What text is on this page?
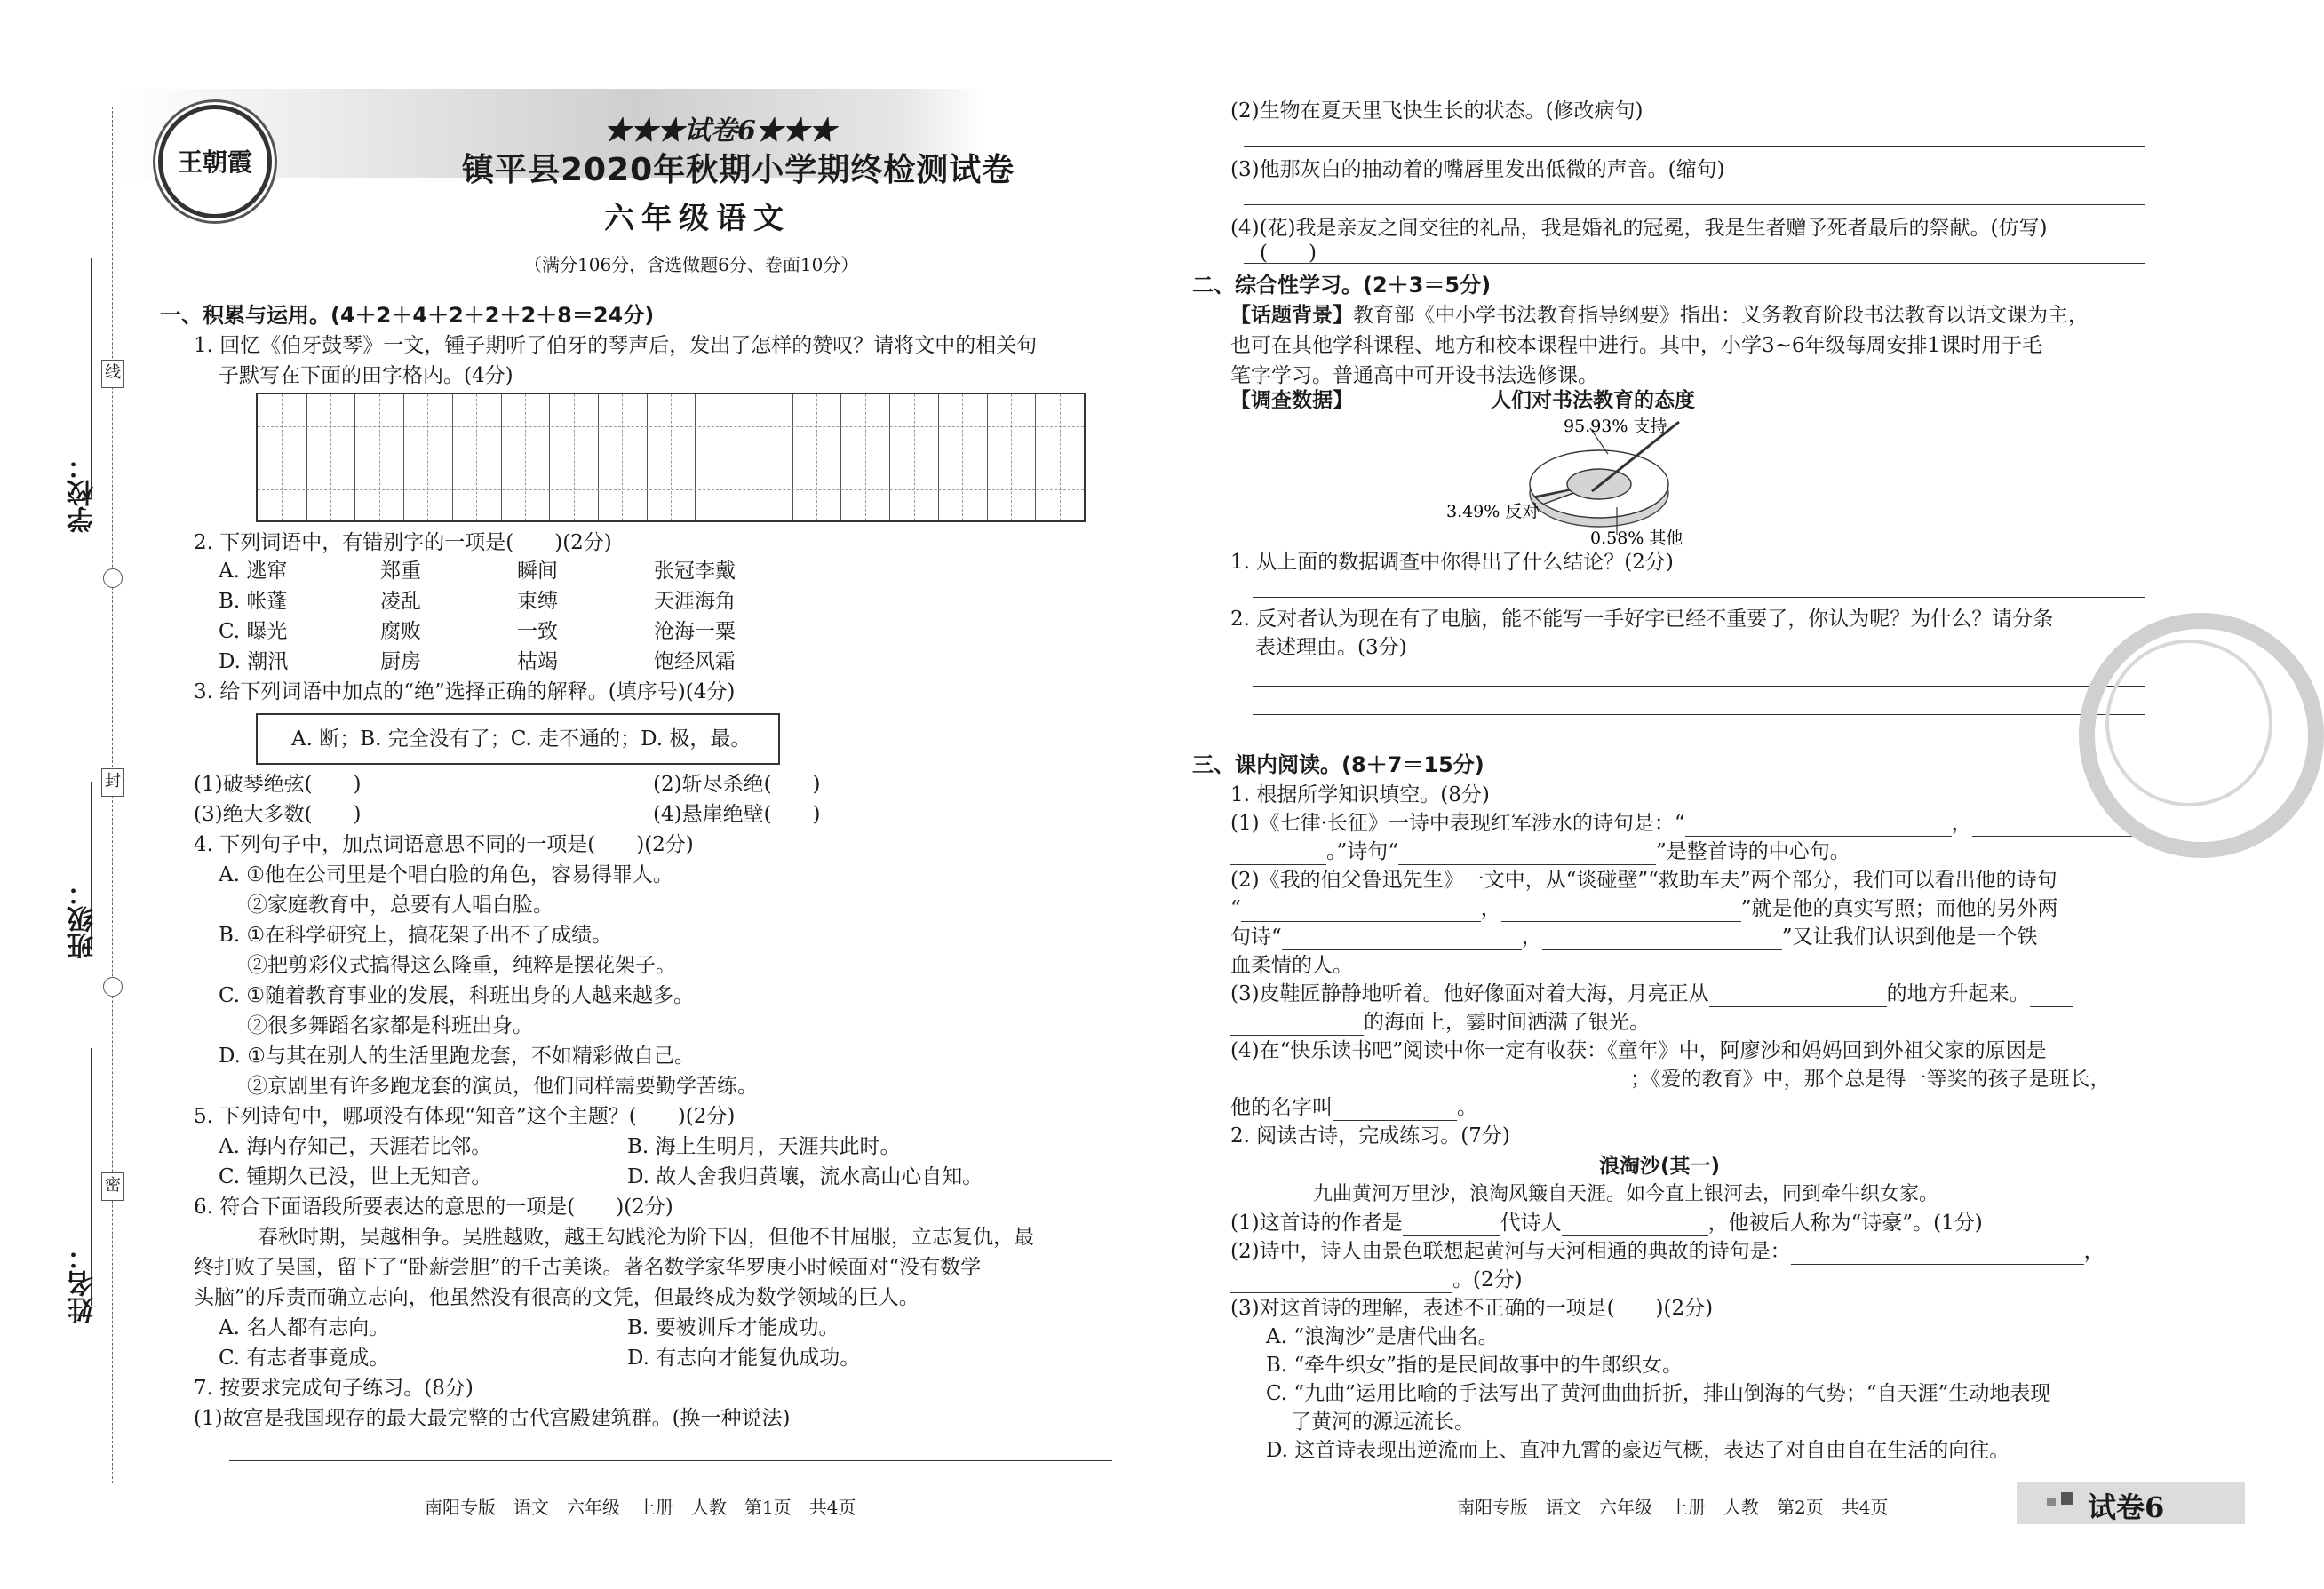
学校：
班级：
姓名：
线
封
密
王朝霞
★★★试卷6★★★
镇平县2020年秋期小学期终检测试卷
六年级语文
（满分106分，含选做题6分、卷面10分）
一、积累与运用。(4＋2＋4＋2＋2＋2＋8＝24分)
1. 回忆《伯牙鼓琴》一文，锺子期听了伯牙的琴声后，发出了怎样的赞叹？请将文中的相关句
子默写在下面的田字格内。(4分)
2. 下列词语中，有错别字的一项是(　　)(2分)
A. 逃窜	郑重	瞬间	张冠李戴
B. 帐蓬	凌乱	束缚	天涯海角
C. 曝光	腐败	一致	沧海一粟
D. 潮汛	厨房	枯竭	饱经风霜
3. 给下列词语中加点的“绝”选择正确的解释。(填序号)(4分)
A. 断；B. 完全没有了；C. 走不通的；D. 极，最。
(1)破琴绝弦(　　)	(2)斩尽杀绝(　　)
(3)绝大多数(　　)	(4)悬崖绝壁(　　)
4. 下列句子中，加点词语意思不同的一项是(　　)(2分)
A. ①他在公司里是个唱白脸的角色，容易得罪人。
②家庭教育中，总要有人唱白脸。
B. ①在科学研究上，搞花架子出不了成绩。
②把剪彩仪式搞得这么隆重，纯粹是摆花架子。
C. ①随着教育事业的发展，科班出身的人越来越多。
②很多舞蹈名家都是科班出身。
D. ①与其在别人的生活里跑龙套，不如精彩做自己。
②京剧里有许多跑龙套的演员，他们同样需要勤学苦练。
5. 下列诗句中，哪项没有体现“知音”这个主题？(　　)(2分)
A. 海内存知己，天涯若比邻。	B. 海上生明月，天涯共此时。
C. 锺期久已没，世上无知音。	D. 故人舍我归黄壤，流水高山心自知。
6. 符合下面语段所要表达的意思的一项是(　　)(2分)
春秋时期，吴越相争。吴胜越败，越王勾践沦为阶下囚，但他不甘屈服，立志复仇，最
终打败了吴国，留下了“卧薪尝胆”的千古美谈。著名数学家华罗庚小时候面对“没有数学
头脑”的斥责而确立志向，他虽然没有很高的文凭，但最终成为数学领域的巨人。
A. 名人都有志向。	B. 要被训斥才能成功。
C. 有志者事竟成。	D. 有志向才能复仇成功。
7. 按要求完成句子练习。(8分)
(1)故宫是我国现存的最大最完整的古代宫殿建筑群。(换一种说法)
南阳专版　语文　六年级　上册　人教　第1页　共4页
(2)生物在夏天里飞快生长的状态。(修改病句)
(3)他那灰白的抽动着的嘴唇里发出低微的声音。(缩句)
(4)(花)我是亲友之间交往的礼品，我是婚礼的冠冕，我是生者赠予死者最后的祭献。(仿写)
(　　)
二、综合性学习。(2＋3＝5分)
【话题背景】教育部《中小学书法教育指导纲要》指出：义务教育阶段书法教育以语文课为主，
也可在其他学科课程、地方和校本课程中进行。其中，小学3~6年级每周安排1课时用于毛
笔字学习。普通高中可开设书法选修课。
【调查数据】	人们对书法教育的态度
95.93% 支持
3.49% 反对
0.58% 其他
1. 从上面的数据调查中你得出了什么结论？(2分)
2. 反对者认为现在有了电脑，能不能写一手好字已经不重要了，你认为呢？为什么？请分条
表述理由。(3分)
三、课内阅读。(8＋7＝15分)
1. 根据所学知识填空。(8分)
(1)《七律·长征》一诗中表现红军涉水的诗句是：“	，
。”诗句“	”是整首诗的中心句。
(2)《我的伯父鲁迅先生》一文中，从“谈碰壁”“救助车夫”两个部分，我们可以看出他的诗句
“	，	”就是他的真实写照；而他的另外两
句诗“	，	”又让我们认识到他是一个铁
血柔情的人。
(3)皮鞋匠静静地听着。他好像面对着大海，月亮正从	的地方升起来。
的海面上，霎时间洒满了银光。
(4)在“快乐读书吧”阅读中你一定有收获：《童年》中，阿廖沙和妈妈回到外祖父家的原因是
；《爱的教育》中，那个总是得一等奖的孩子是班长，
他的名字叫	。
2. 阅读古诗，完成练习。(7分)
浪淘沙(其一)
九曲黄河万里沙，浪淘风簸自天涯。如今直上银河去，同到牵牛织女家。
(1)这首诗的作者是	代诗人	，他被后人称为“诗豪”。(1分)
(2)诗中，诗人由景色联想起黄河与天河相通的典故的诗句是：	，
。(2分)
(3)对这首诗的理解，表述不正确的一项是(　　)(2分)
A. “浪淘沙”是唐代曲名。
B. “牵牛织女”指的是民间故事中的牛郎织女。
C. “九曲”运用比喻的手法写出了黄河曲曲折折，排山倒海的气势；“自天涯”生动地表现
了黄河的源远流长。
D. 这首诗表现出逆流而上、直冲九霄的豪迈气概，表达了对自由自在生活的向往。
南阳专版　语文　六年级　上册　人教　第2页　共4页	试卷6
